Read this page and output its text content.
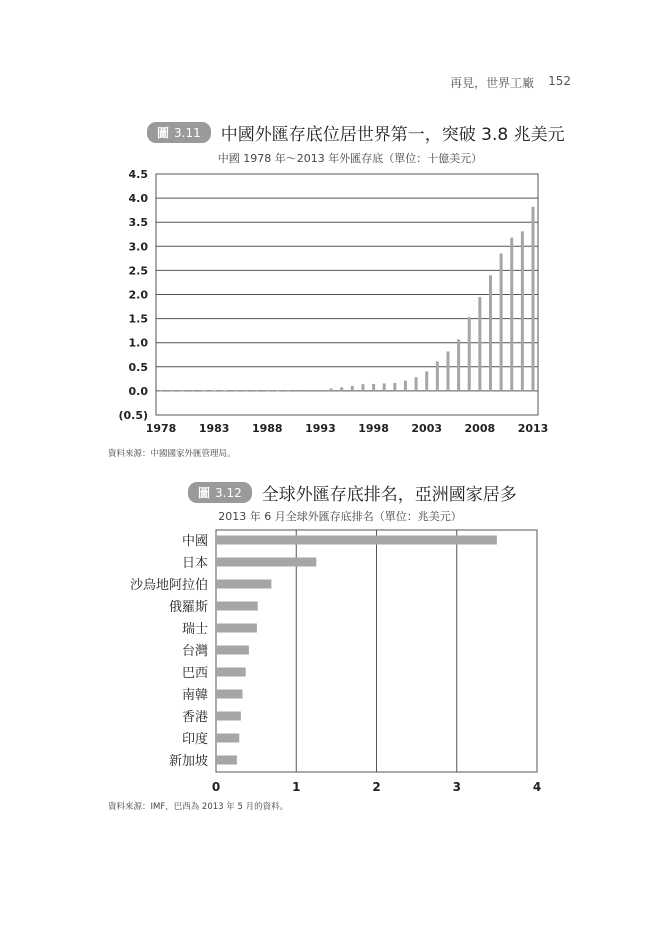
再見，世界工廠 152
圖 3.11 中國外匯存底位居世界第一，突破 3.8 兆美元
中國 1978 年～2013 年外匯存底（單位：十億美元）
4.5
4.0
3.5
3.0
2.5
2.0
1.5
1.0
0.5
0.0
(0.5)
1978 1983 1988 1993 1998 2003 2008 2013
資料來源：中國國家外匯管理局。
圖 3.12 全球外匯存底排名，亞洲國家居多
2013 年 6 月全球外匯存底排名（單位：兆美元）
0	1	2	3	4
中國
日本
沙烏地阿拉伯
俄羅斯
瑞士
台灣
巴西
南韓
香港
印度
新加坡
資料來源：IMF，巴西為 2013 年 5 月的資料。
